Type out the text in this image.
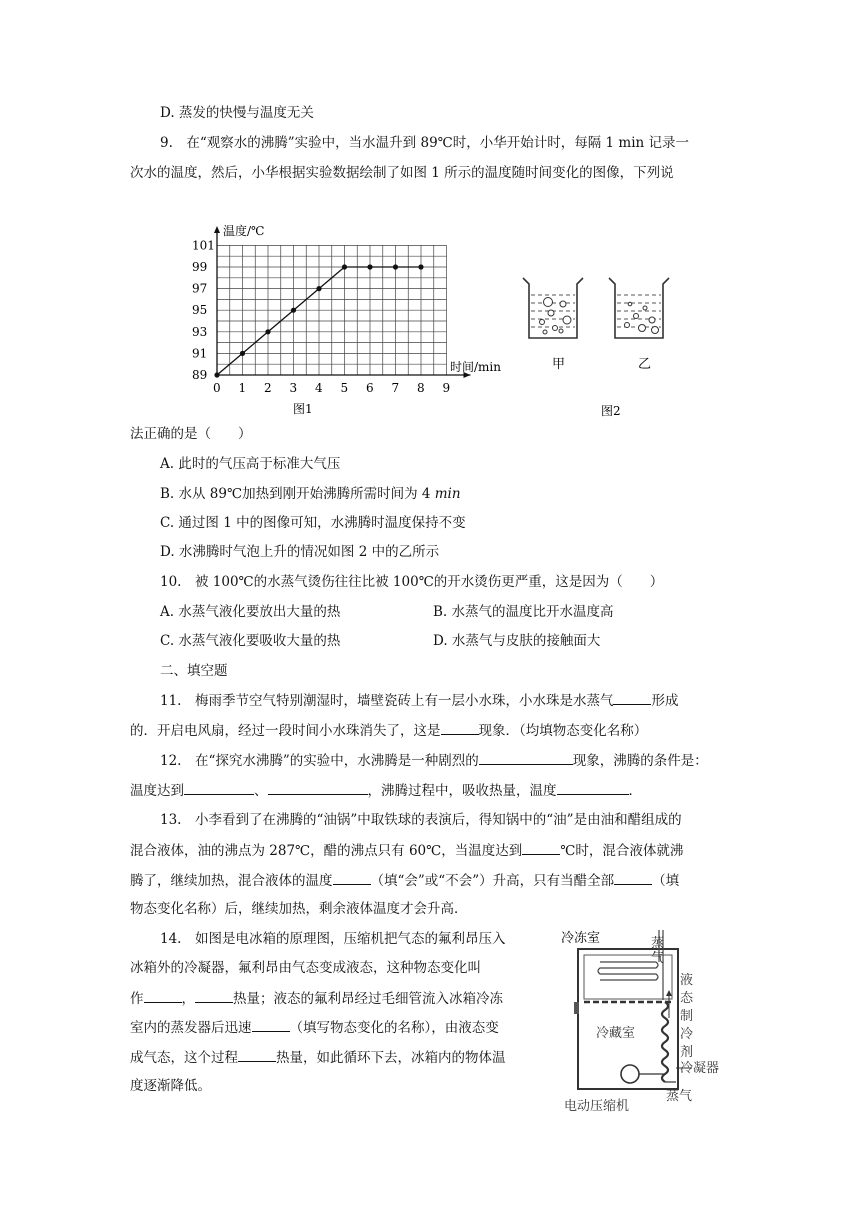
D. 蒸发的快慢与温度无关
9.　在“观察水的沸腾”实验中，当水温升到 89℃时，小华开始计时，每隔 1 min 记录一
次水的温度，然后，小华根据实验数据绘制了如图 1 所示的温度随时间变化的图像，下列说
温度/℃
时间/min
图1
101
99
97
95
93
91
89
0 1 2 3 4 5 6 7 8 9
甲	乙
图2
法正确的是（　　）
A. 此时的气压高于标准大气压
B. 水从 89℃加热到刚开始沸腾所需时间为 4 min
C. 通过图 1 中的图像可知，水沸腾时温度保持不变
D. 水沸腾时气泡上升的情况如图 2 中的乙所示
10.　被 100℃的水蒸气烫伤往往比被 100℃的开水烫伤更严重，这是因为（　　）
A. 水蒸气液化要放出大量的热	B. 水蒸气的温度比开水温度高
C. 水蒸气液化要吸收大量的热	D. 水蒸气与皮肤的接触面大
二、填空题
11.　梅雨季节空气特别潮湿时，墙壁瓷砖上有一层小水珠，小水珠是水蒸气	形成
的．开启电风扇，经过一段时间小水珠消失了，这是	现象．（均填物态变化名称）
12.　在“探究水沸腾”的实验中，水沸腾是一种剧烈的	现象，沸腾的条件是：
温度达到	、	，沸腾过程中，吸收热量，温度	．
13.　小李看到了在沸腾的“油锅”中取铁球的表演后，得知锅中的“油”是由油和醋组成的
混合液体，油的沸点为 287℃，醋的沸点只有 60℃，当温度达到	℃时，混合液体就沸
腾了，继续加热，混合液体的温度	（填“会”或“不会”）升高，只有当醋全部	（填
物态变化名称）后，继续加热，剩余液体温度才会升高．
14.　如图是电冰箱的原理图，压缩机把气态的氟利昂压入
冰箱外的冷凝器，氟利昂由气态变成液态，这种物态变化叫
作	，	热量；液态的氟利昂经过毛细管流入冰箱冷冻
室内的蒸发器后迅速	（填写物态变化的名称），由液态变
成气态，这个过程	热量，如此循环下去，冰箱内的物体温
度逐渐降低。
冷冻室
冷藏室
蒸
气
液
态
制
冷
剂
冷凝器
蒸气
电动压缩机
